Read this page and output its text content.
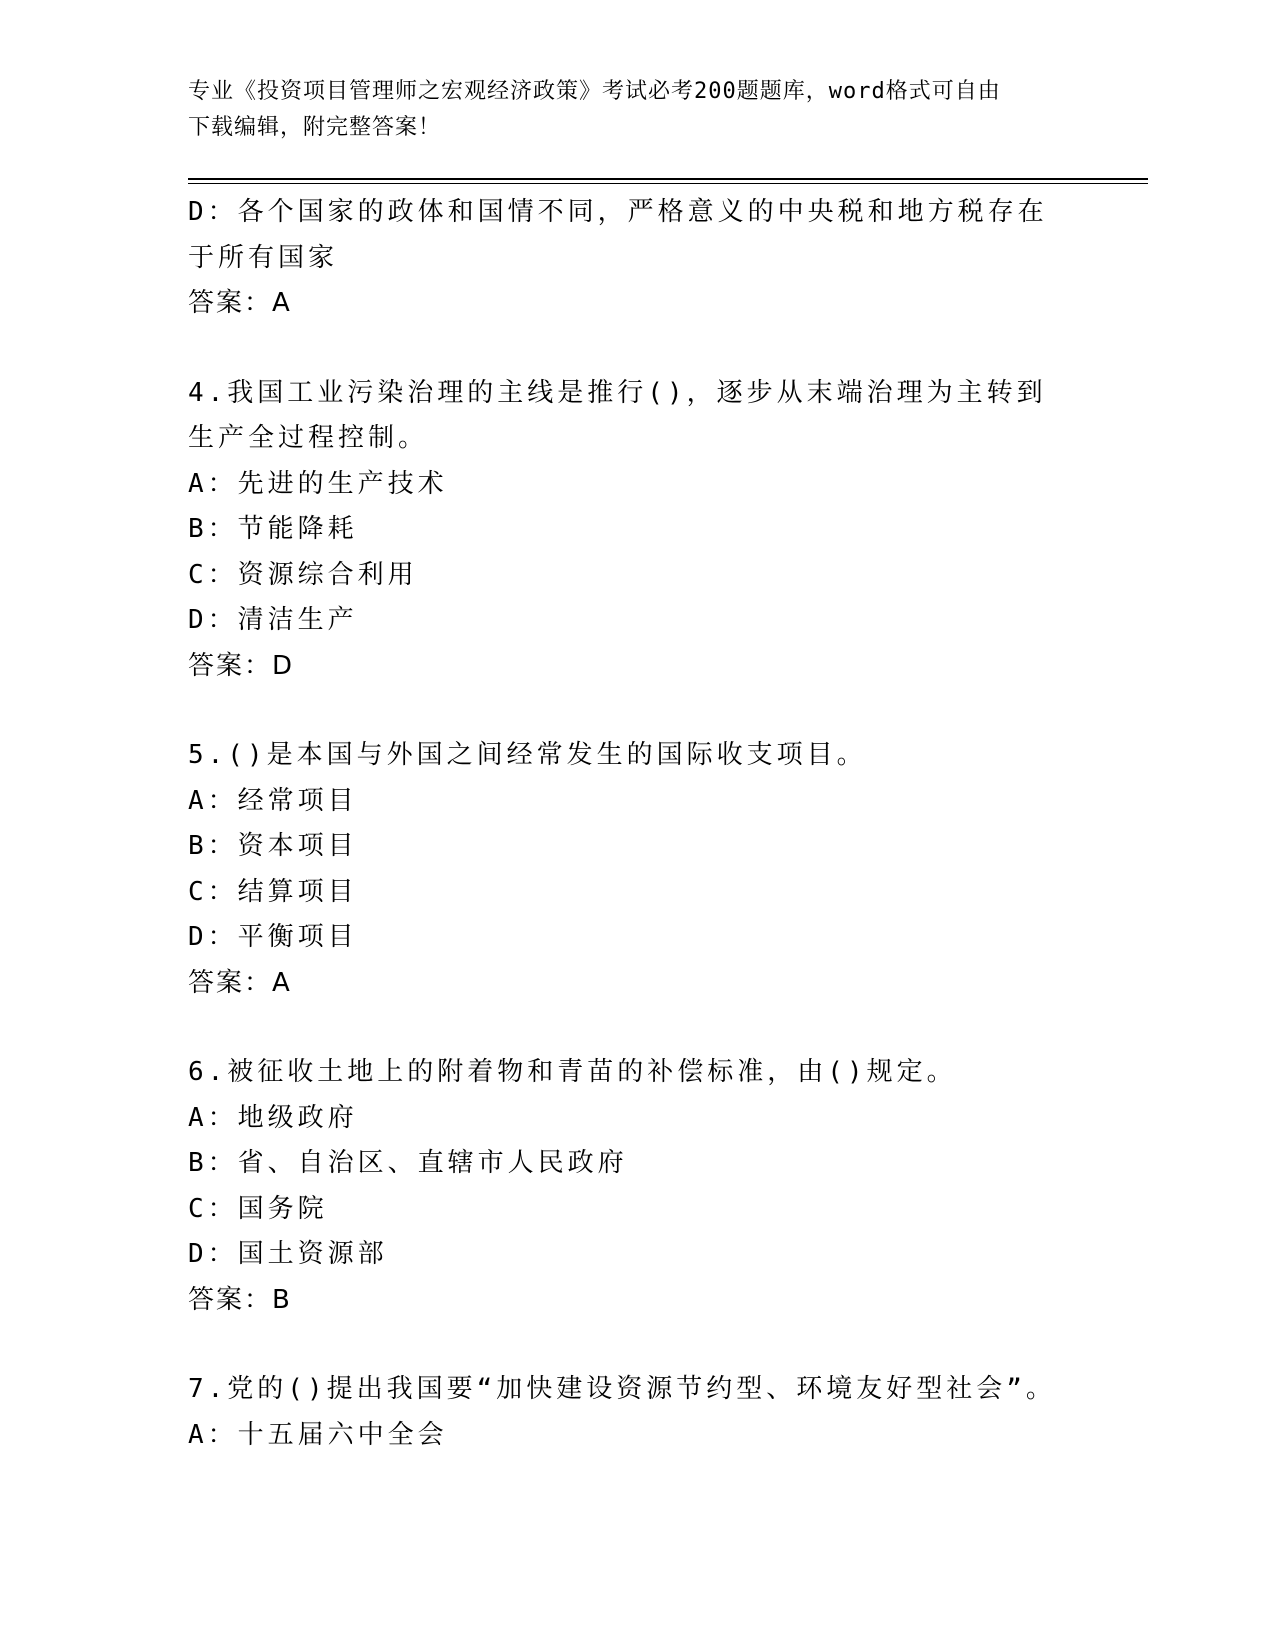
专业《投资项目管理师之宏观经济政策》考试必考200题题库，word格式可自由
下载编辑，附完整答案！
D：各个国家的政体和国情不同，严格意义的中央税和地方税存在于所有国家
答案：A
4.我国工业污染治理的主线是推行()，逐步从末端治理为主转到生产全过程控制。
A：先进的生产技术
B：节能降耗
C：资源综合利用
D：清洁生产
答案：D
5.()是本国与外国之间经常发生的国际收支项目。
A：经常项目
B：资本项目
C：结算项目
D：平衡项目
答案：A
6.被征收土地上的附着物和青苗的补偿标准，由()规定。
A：地级政府
B：省、自治区、直辖市人民政府
C：国务院
D：国土资源部
答案：B
7.党的()提出我国要“加快建设资源节约型、环境友好型社会”。
A：十五届六中全会
